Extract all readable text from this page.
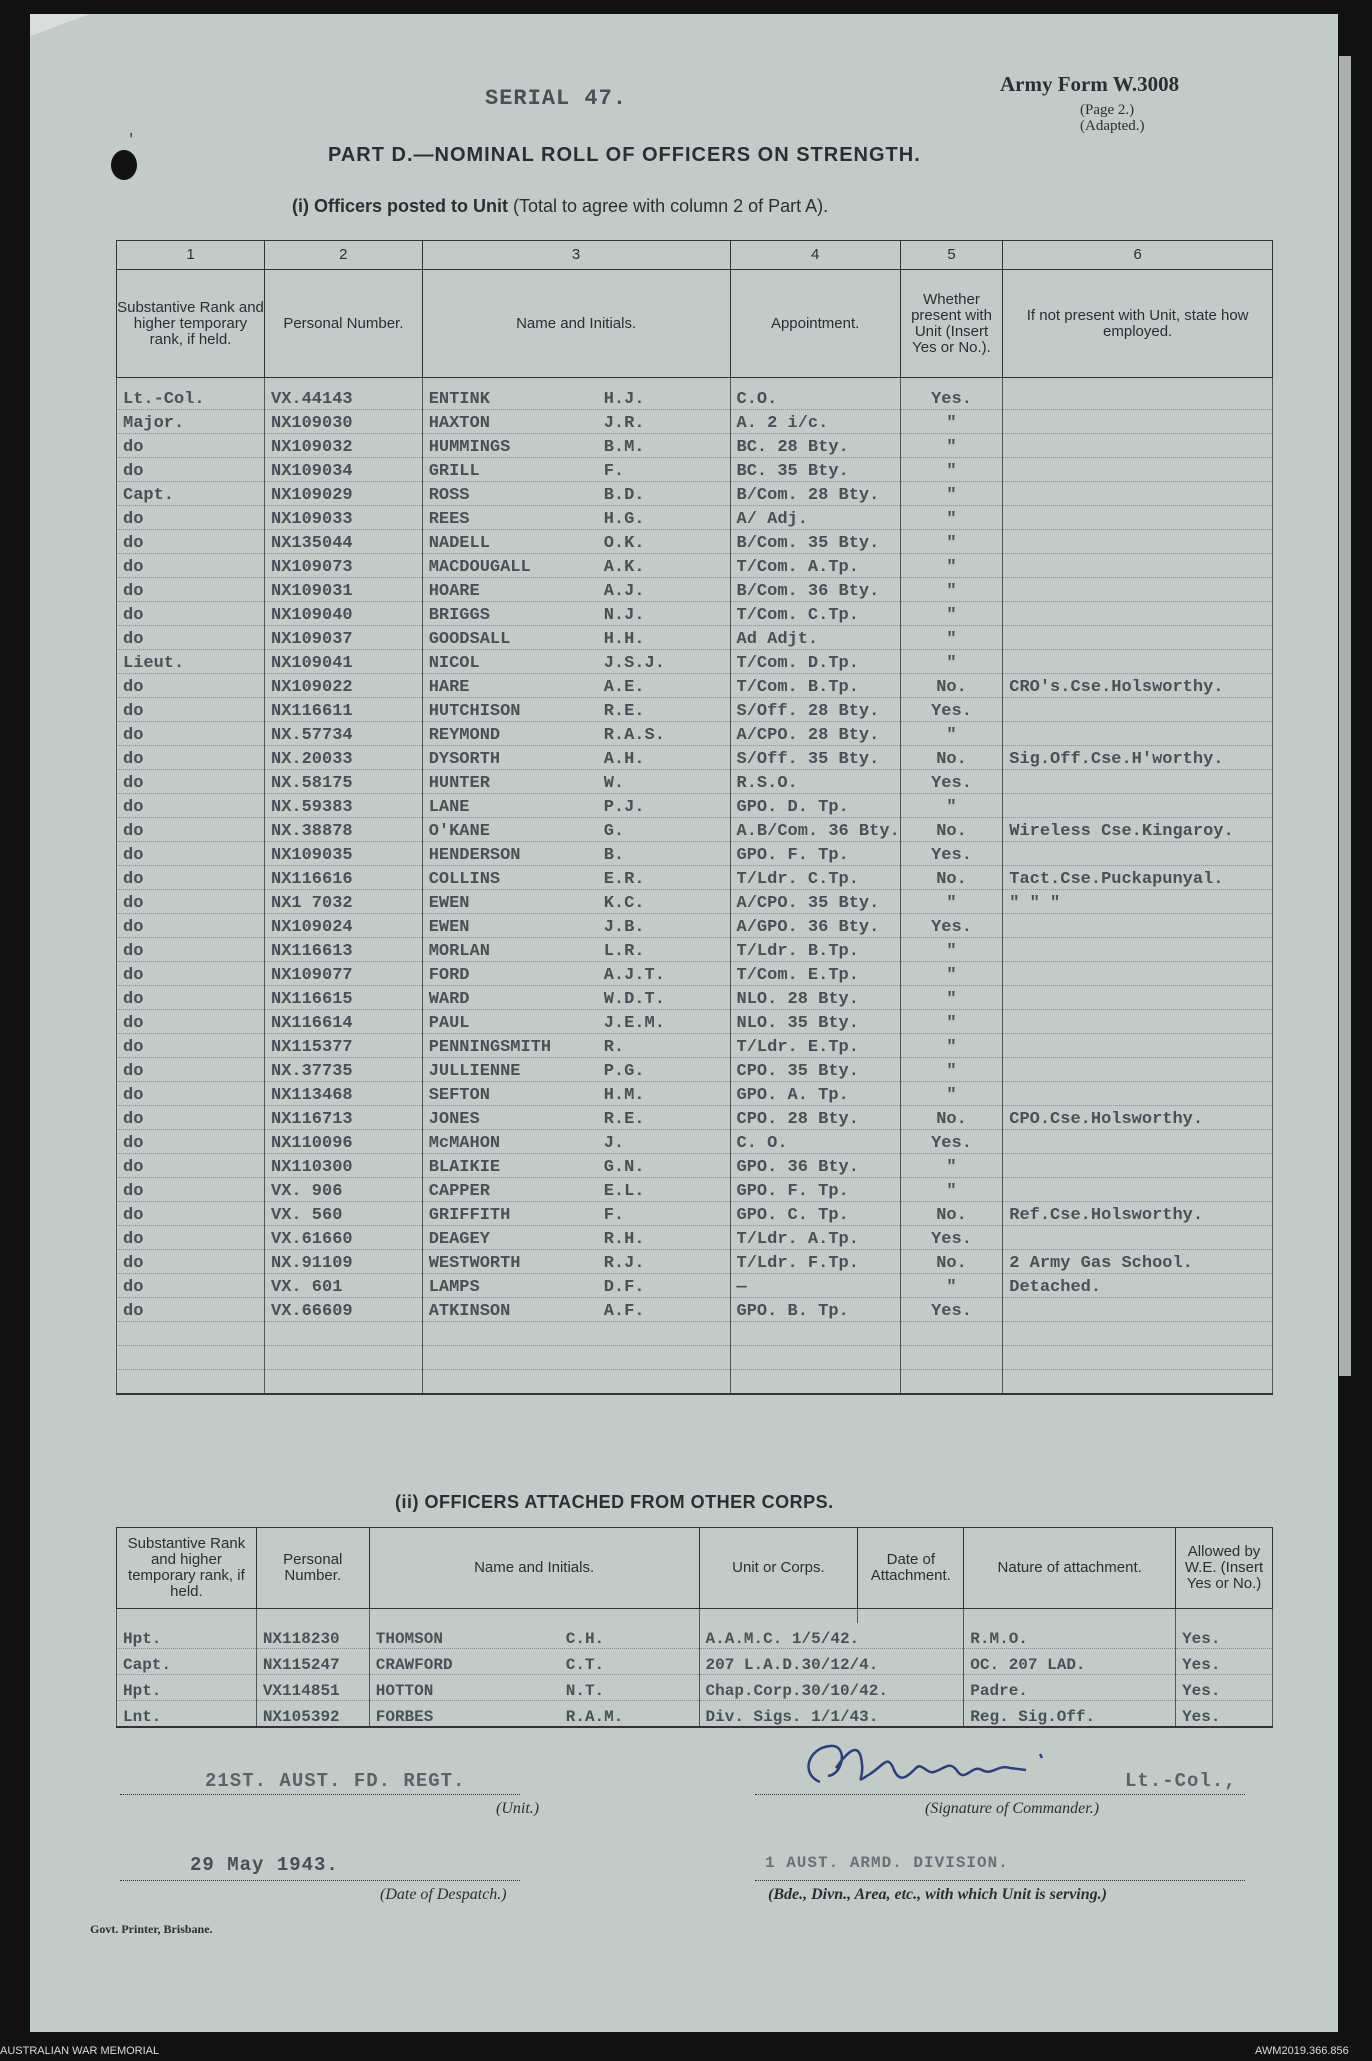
SERIAL 47.
Army Form W.3008
(Page 2.)
(Adapted.)
'
PART D.—NOMINAL ROLL OF OFFICERS ON STRENGTH.
(i) Officers posted to Unit (Total to agree with column 2 of Part A).
1	2	3	4	5	6
Substantive Rank and higher temporary rank, if held.	Personal Number.	Name and Initials.	Appointment.	Whether present with Unit (Insert Yes or No.).	If not present with Unit, state how employed.
Lt.-Col.	VX.44143	ENTINK H.J.	C.O.	Yes.	
Major.	NX109030	HAXTON J.R.	A. 2 i/c.	"	
do	NX109032	HUMMINGS B.M.	BC. 28 Bty.	"	
do	NX109034	GRILL F.	BC. 35 Bty.	"	
Capt.	NX109029	ROSS B.D.	B/Com. 28 Bty.	"	
do	NX109033	REES H.G.	A/ Adj.	"	
do	NX135044	NADELL O.K.	B/Com. 35 Bty.	"	
do	NX109073	MACDOUGALL A.K.	T/Com. A.Tp.	"	
do	NX109031	HOARE A.J.	B/Com. 36 Bty.	"	
do	NX109040	BRIGGS N.J.	T/Com. C.Tp.	"	
do	NX109037	GOODSALL H.H.	Ad Adjt.	"	
Lieut.	NX109041	NICOL J.S.J.	T/Com. D.Tp.	"	
do	NX109022	HARE A.E.	T/Com. B.Tp.	No.	CRO's.Cse.Holsworthy.
do	NX116611	HUTCHISON R.E.	S/Off. 28 Bty.	Yes.	
do	NX.57734	REYMOND R.A.S.	A/CPO. 28 Bty.	"	
do	NX.20033	DYSORTH A.H.	S/Off. 35 Bty.	No.	Sig.Off.Cse.H'worthy.
do	NX.58175	HUNTER W.	R.S.O.	Yes.	
do	NX.59383	LANE P.J.	GPO. D. Tp.	"	
do	NX.38878	O'KANE G.	A.B/Com. 36 Bty.	No.	Wireless Cse.Kingaroy.
do	NX109035	HENDERSON B.	GPO. F. Tp.	Yes.	
do	NX116616	COLLINS E.R.	T/Ldr. C.Tp.	No.	Tact.Cse.Puckapunyal.
do	NX1 7032	EWEN K.C.	A/CPO. 35 Bty.	"	" " "
do	NX109024	EWEN J.B.	A/GPO. 36 Bty.	Yes.	
do	NX116613	MORLAN L.R.	T/Ldr. B.Tp.	"	
do	NX109077	FORD A.J.T.	T/Com. E.Tp.	"	
do	NX116615	WARD W.D.T.	NLO. 28 Bty.	"	
do	NX116614	PAUL J.E.M.	NLO. 35 Bty.	"	
do	NX115377	PENNINGSMITH R.	T/Ldr. E.Tp.	"	
do	NX.37735	JULLIENNE P.G.	CPO. 35 Bty.	"	
do	NX113468	SEFTON H.M.	GPO. A. Tp.	"	
do	NX116713	JONES R.E.	CPO. 28 Bty.	No.	CPO.Cse.Holsworthy.
do	NX110096	McMAHON J.	C. O.	Yes.	
do	NX110300	BLAIKIE G.N.	GPO. 36 Bty.	"	
do	VX. 906	CAPPER E.L.	GPO. F. Tp.	"	
do	VX. 560	GRIFFITH F.	GPO. C. Tp.	No.	Ref.Cse.Holsworthy.
do	VX.61660	DEAGEY R.H.	T/Ldr. A.Tp.	Yes.	
do	NX.91109	WESTWORTH R.J.	T/Ldr. F.Tp.	No.	2 Army Gas School.
do	VX. 601	LAMPS D.F.	—	"	Detached.
do	VX.66609	ATKINSON A.F.	GPO. B. Tp.	Yes.	

(ii) OFFICERS ATTACHED FROM OTHER CORPS.
Substantive Rank and higher temporary rank, if held.	Personal Number.	Name and Initials.	Unit or Corps.	Date of Attachment.	Nature of attachment.	Allowed by W.E. (Insert Yes or No.)

Hpt.	NX118230	THOMSON C.H.	A.A.M.C. 1/5/42.		R.M.O.	Yes.
Capt.	NX115247	CRAWFORD C.T.	207 L.A.D.30/12/4.		OC. 207 LAD.	Yes.
Hpt.	VX114851	HOTTON N.T.	Chap.Corp.30/10/42.		Padre.	Yes.
Lnt.	NX105392	FORBES R.A.M.	Div. Sigs. 1/1/43.		Reg. Sig.Off.	Yes.
21ST. AUST. FD. REGT.
(Unit.)
Lt.-Col.,
(Signature of Commander.)
29 May 1943.
(Date of Despatch.)
1 AUST. ARMD. DIVISION.
(Bde., Divn., Area, etc., with which Unit is serving.)
Govt. Printer, Brisbane.
AUSTRALIAN WAR MEMORIAL	AWM2019.366.856
